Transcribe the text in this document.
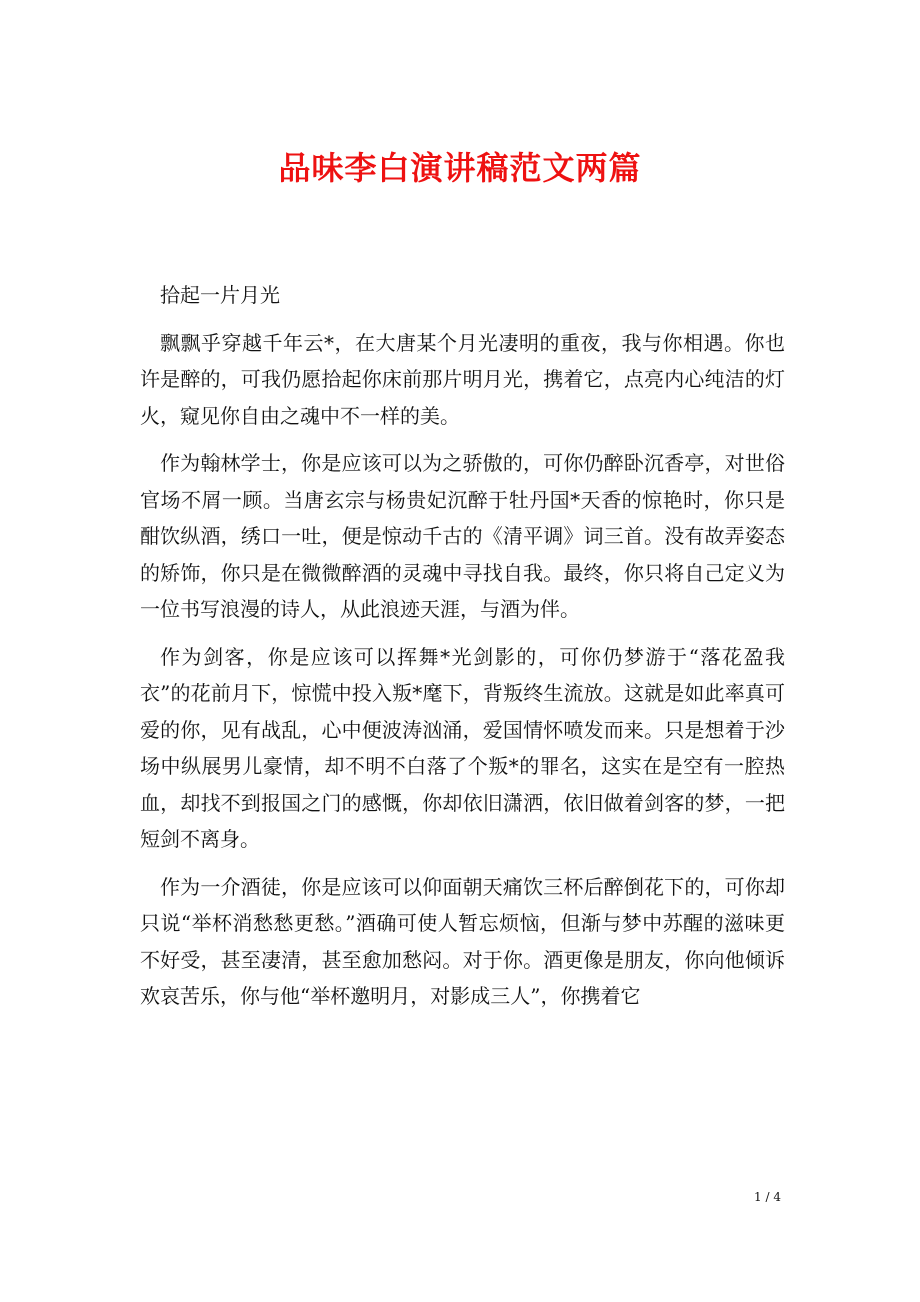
品味李白演讲稿范文两篇

拾起一片月光

飘飘乎穿越千年云*，在大唐某个月光凄明的重夜，我与你相遇。你也许是醉的，可我仍愿拾起你床前那片明月光，携着它，点亮内心纯洁的灯火，窥见你自由之魂中不一样的美。

作为翰林学士，你是应该可以为之骄傲的，可你仍醉卧沉香亭，对世俗官场不屑一顾。当唐玄宗与杨贵妃沉醉于牡丹国*天香的惊艳时，你只是酣饮纵酒，绣口一吐，便是惊动千古的《清平调》词三首。没有故弄姿态的矫饰，你只是在微微醉酒的灵魂中寻找自我。最终，你只将自己定义为一位书写浪漫的诗人，从此浪迹天涯，与酒为伴。

作为剑客，你是应该可以挥舞*光剑影的，可你仍梦游于“落花盈我衣”的花前月下，惊慌中投入叛*麾下，背叛终生流放。这就是如此率真可爱的你，见有战乱，心中便波涛汹涌，爱国情怀喷发而来。只是想着于沙场中纵展男儿豪情，却不明不白落了个叛*的罪名，这实在是空有一腔热血，却找不到报国之门的感慨，你却依旧潇洒，依旧做着剑客的梦，一把短剑不离身。

作为一介酒徒，你是应该可以仰面朝天痛饮三杯后醉倒花下的，可你却只说“举杯消愁愁更愁。”酒确可使人暂忘烦恼，但渐与梦中苏醒的滋味更不好受，甚至凄清，甚至愈加愁闷。对于你。酒更像是朋友，你向他倾诉欢哀苦乐，你与他“举杯邀明月，对影成三人”，你携着它

1 / 4
